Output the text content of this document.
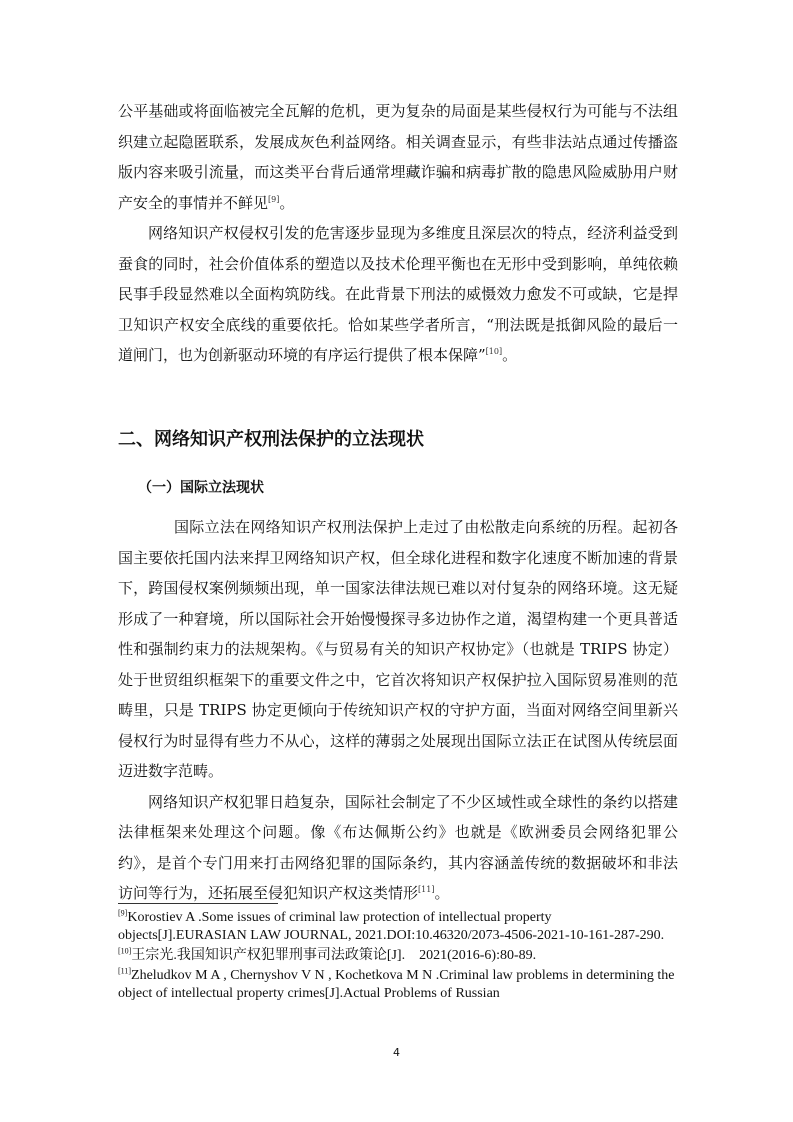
公平基础或将面临被完全瓦解的危机，更为复杂的局面是某些侵权行为可能与不法组织建立起隐匿联系，发展成灰色利益网络。相关调查显示，有些非法站点通过传播盗版内容来吸引流量，而这类平台背后通常埋藏诈骗和病毒扩散的隐患风险威胁用户财产安全的事情并不鲜见[9]。

网络知识产权侵权引发的危害逐步显现为多维度且深层次的特点，经济利益受到蚕食的同时，社会价值体系的塑造以及技术伦理平衡也在无形中受到影响，单纯依赖民事手段显然难以全面构筑防线。在此背景下刑法的威慑效力愈发不可或缺，它是捍卫知识产权安全底线的重要依托。恰如某些学者所言，“刑法既是抵御风险的最后一道闸门，也为创新驱动环境的有序运行提供了根本保障”[10]。

二、网络知识产权刑法保护的立法现状
（一）国际立法现状

国际立法在网络知识产权刑法保护上走过了由松散走向系统的历程。起初各国主要依托国内法来捍卫网络知识产权，但全球化进程和数字化速度不断加速的背景下，跨国侵权案例频频出现，单一国家法律法规已难以对付复杂的网络环境。这无疑形成了一种窘境，所以国际社会开始慢慢探寻多边协作之道，渴望构建一个更具普适性和强制约束力的法规架构。《与贸易有关的知识产权协定》（也就是 TRIPS 协定）处于世贸组织框架下的重要文件之中，它首次将知识产权保护拉入国际贸易准则的范畴里，只是 TRIPS 协定更倾向于传统知识产权的守护方面，当面对网络空间里新兴侵权行为时显得有些力不从心，这样的薄弱之处展现出国际立法正在试图从传统层面迈进数字范畴。

网络知识产权犯罪日趋复杂，国际社会制定了不少区域性或全球性的条约以搭建法律框架来处理这个问题。像《布达佩斯公约》也就是《欧洲委员会网络犯罪公约》，是首个专门用来打击网络犯罪的国际条约，其内容涵盖传统的数据破坏和非法访问等行为，还拓展至侵犯知识产权这类情形[11]。

[9]Korostiev A .Some issues of criminal law protection of intellectual property objects[J].EURASIAN LAW JOURNAL, 2021.DOI:10.46320/2073-4506-2021-10-161-287-290.

[10]王宗光.我国知识产权犯罪刑事司法政策论[J].　2021(2016-6):80-89.

[11]Zheludkov M A , Chernyshov V N , Kochetkova M N .Criminal law problems in determining the object of intellectual property crimes[J].Actual Problems of Russian

4
